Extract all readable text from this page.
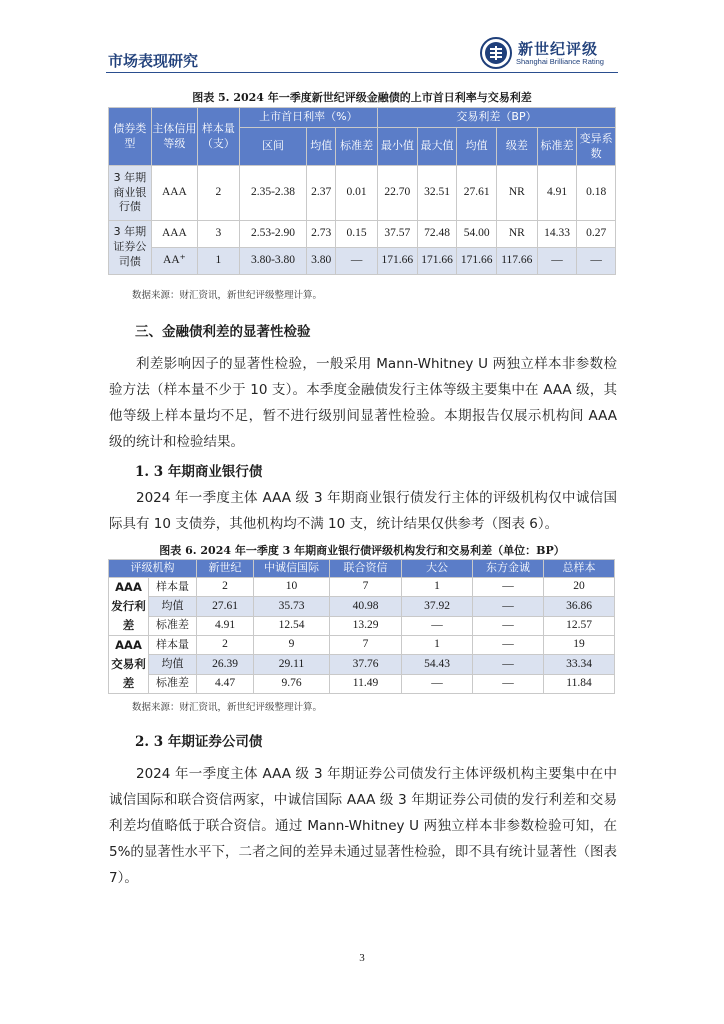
市场表现研究
新世纪评级
Shanghai Brilliance Rating
图表 5. 2024 年一季度新世纪评级金融债的上市首日利率与交易利差
债券类型	主体信用等级	样本量（支）	上市首日利率（%）			交易利差（BP）					
			区间	均值	标准差	最小值	最大值	均值	级差	标准差	变异系数
3 年期商业银行债	AAA	2	2.35-2.38	2.37	0.01	22.70	32.51	27.61	NR	4.91	0.18
3 年期证券公司债	AAA	3	2.53-2.90	2.73	0.15	37.57	72.48	54.00	NR	14.33	0.27
	AA⁺	1	3.80-3.80	3.80	—	171.66	171.66	171.66	117.66	—	—
数据来源：财汇资讯，新世纪评级整理计算。
三、金融债利差的显著性检验
利差影响因子的显著性检验，一般采用 Mann-Whitney U 两独立样本非参数检验方法（样本量不少于 10 支）。本季度金融债发行主体等级主要集中在 AAA 级，其他等级上样本量均不足，暂不进行级别间显著性检验。本期报告仅展示机构间 AAA 级的统计和检验结果。
1. 3 年期商业银行债
2024 年一季度主体 AAA 级 3 年期商业银行债发行主体的评级机构仅中诚信国际具有 10 支债券，其他机构均不满 10 支，统计结果仅供参考（图表 6）。
图表 6. 2024 年一季度 3 年期商业银行债评级机构发行和交易利差（单位：BP）
评级机构		新世纪	中诚信国际	联合资信	大公	东方金诚	总样本
AAA 发行利差	样本量	2	10	7	1	—	20
	均值	27.61	35.73	40.98	37.92	—	36.86
	标准差	4.91	12.54	13.29	—	—	12.57
AAA 交易利差	样本量	2	9	7	1	—	19
	均值	26.39	29.11	37.76	54.43	—	33.34
	标准差	4.47	9.76	11.49	—	—	11.84
数据来源：财汇资讯，新世纪评级整理计算。
2. 3 年期证券公司债
2024 年一季度主体 AAA 级 3 年期证券公司债发行主体评级机构主要集中在中诚信国际和联合资信两家，中诚信国际 AAA 级 3 年期证券公司债的发行利差和交易利差均值略低于联合资信。通过 Mann-Whitney U 两独立样本非参数检验可知，在 5%的显著性水平下，二者之间的差异未通过显著性检验，即不具有统计显著性（图表 7）。
3
